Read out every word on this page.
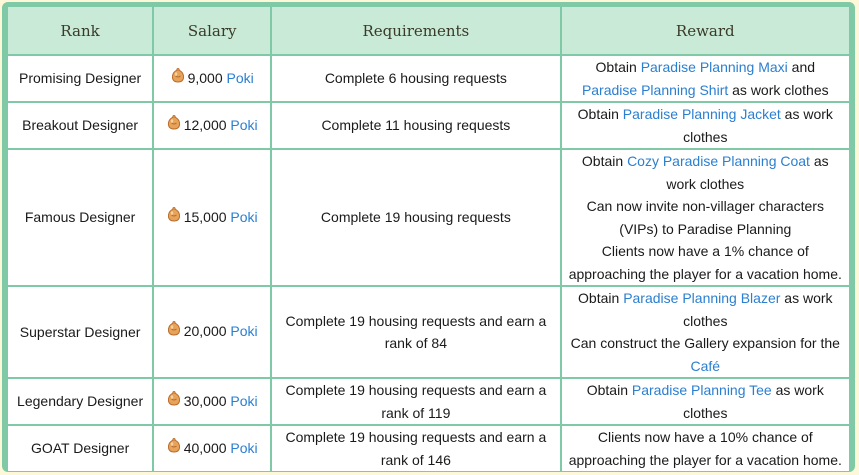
Rank	Salary	Requirements	Reward
Promising Designer	9,000 Poki	Complete 6 housing requests	Obtain Paradise Planning Maxi and
Paradise Planning Shirt as work clothes

Breakout Designer	12,000 Poki	Complete 11 housing requests	Obtain Paradise Planning Jacket as work clothes

Famous Designer	15,000 Poki	Complete 19 housing requests	Obtain Cozy Paradise Planning Coat as work clothes
Can now invite non-villager characters (VIPs) to Paradise Planning
Clients now have a 1% chance of approaching the player for a vacation home.

Superstar Designer	20,000 Poki	Complete 19 housing requests and earn a rank of 84	Obtain Paradise Planning Blazer as work clothes
Can construct the Gallery expansion for the Café

Legendary Designer	30,000 Poki	Complete 19 housing requests and earn a rank of 119	Obtain Paradise Planning Tee as work clothes

GOAT Designer	40,000 Poki	Complete 19 housing requests and earn a rank of 146	Clients now have a 10% chance of approaching the player for a vacation home.
